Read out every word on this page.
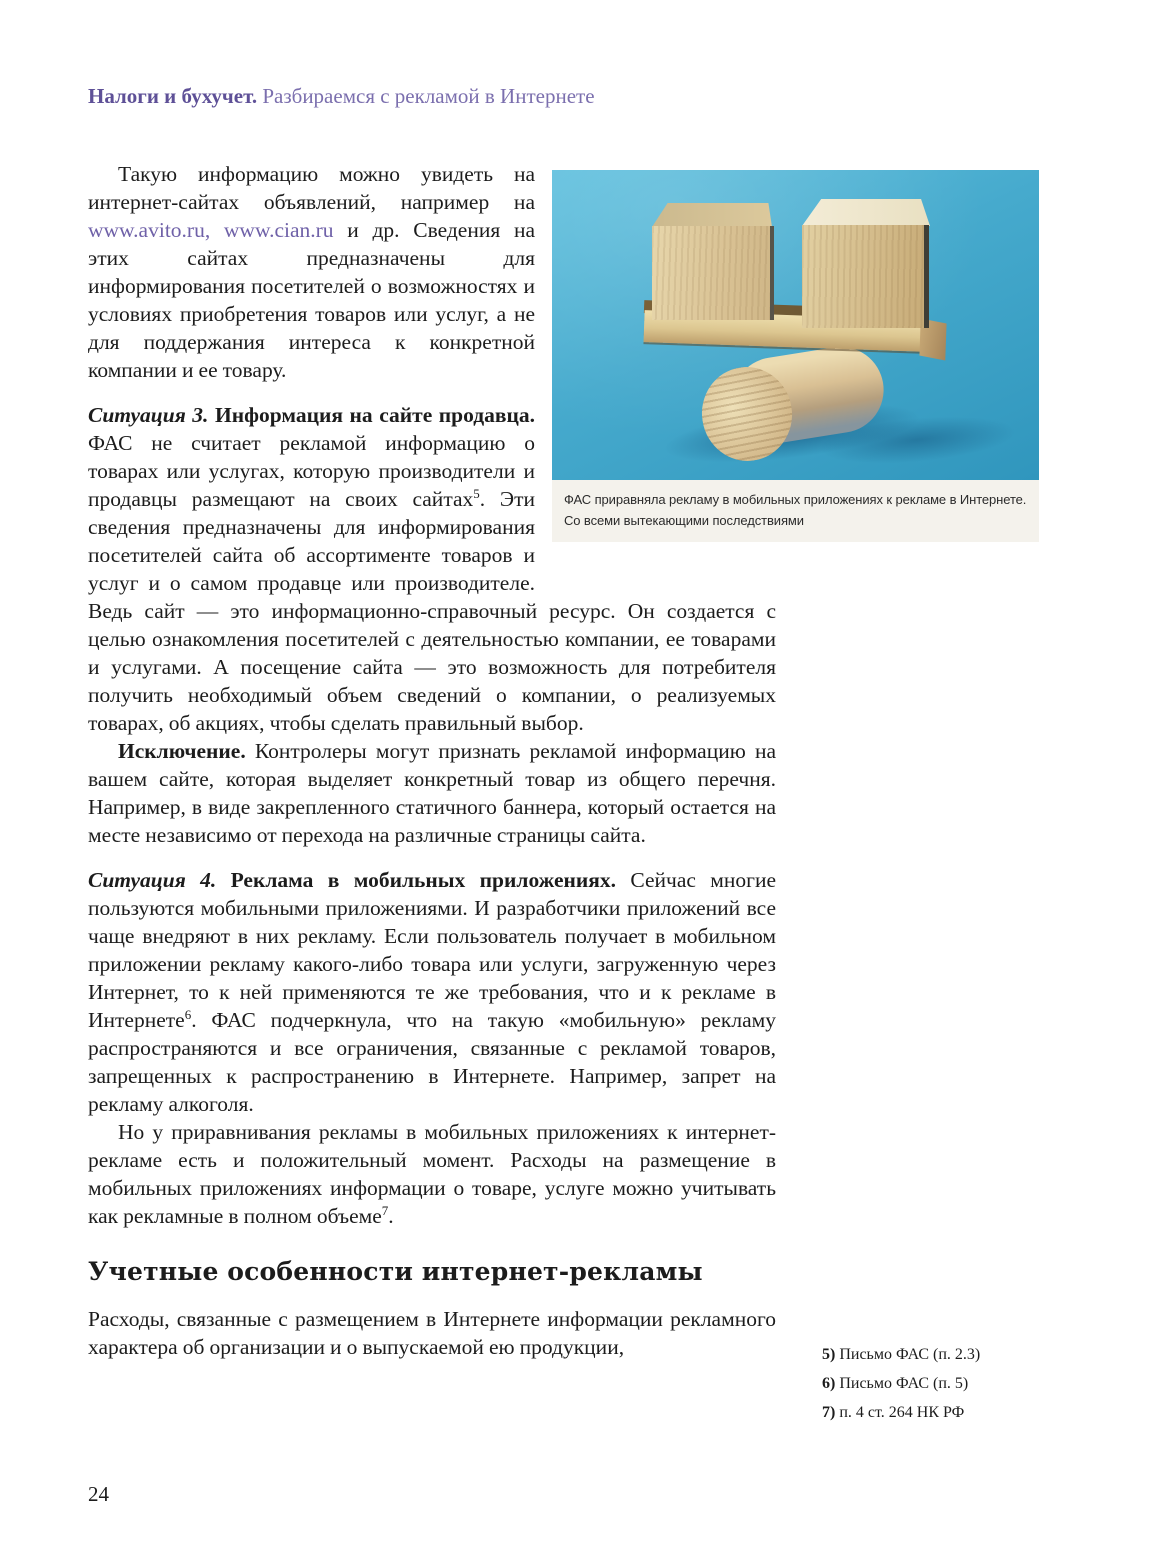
Налоги и бухучет. Разбираемся с рекламой в Интернете
ФАС приравняла рекламу в мобильных приложениях к рекламе в Интернете. Со всеми вытекающими последствиями

Такую информацию можно увидеть на интернет-сайтах объявлений, например на www.avito.ru, www.cian.ru и др. Сведения на этих сайтах предназначены для информирования посетителей о возможностях и условиях приобретения товаров или услуг, а не для поддержания интереса к конкретной компании и ее товару.

Ситуация 3. Информация на сайте продавца. ФАС не считает рекламой информацию о товарах или услугах, которую производители и продавцы размещают на своих сайтах$^5$. Эти сведения предназначены для информирования посетителей сайта об ассортименте товаров и услуг и о самом продавце или производителе. Ведь сайт — это информационно-справочный ресурс. Он создается с целью ознакомления посетителей с деятельностью компании, ее товарами и услугами. А посещение сайта — это возможность для потребителя получить необходимый объем сведений о компании, о реализуемых товарах, об акциях, чтобы сделать правильный выбор.

Исключение. Контролеры могут признать рекламой информацию на вашем сайте, которая выделяет конкретный товар из общего перечня. Например, в виде закрепленного статичного баннера, который остается на месте независимо от перехода на различные страницы сайта.

Ситуация 4. Реклама в мобильных приложениях. Сейчас многие пользуются мобильными приложениями. И разработчики приложений все чаще внедряют в них рекламу. Если пользователь получает в мобильном приложении рекламу какого-либо товара или услуги, загруженную через Интернет, то к ней применяются те же требования, что и к рекламе в Интернете$^6$. ФАС подчеркнула, что на такую «мобильную» рекламу распространяются и все ограничения, связанные с рекламой товаров, запрещенных к распространению в Интернете. Например, запрет на рекламу алкоголя.

Но у приравнивания рекламы в мобильных приложениях к интернет-рекламе есть и положительный момент. Расходы на размещение в мобильных приложениях информации о товаре, услуге можно учитывать как рекламные в полном объеме$^7$.

Учетные особенности интернет-рекламы

Расходы, связанные с размещением в Интернете информации рекламного характера об организации и о выпускаемой ею продукции,	5) Письмо ФАС (п. 2.3)
6) Письмо ФАС (п. 5)
7) п. 4 ст. 264 НК РФ
24
